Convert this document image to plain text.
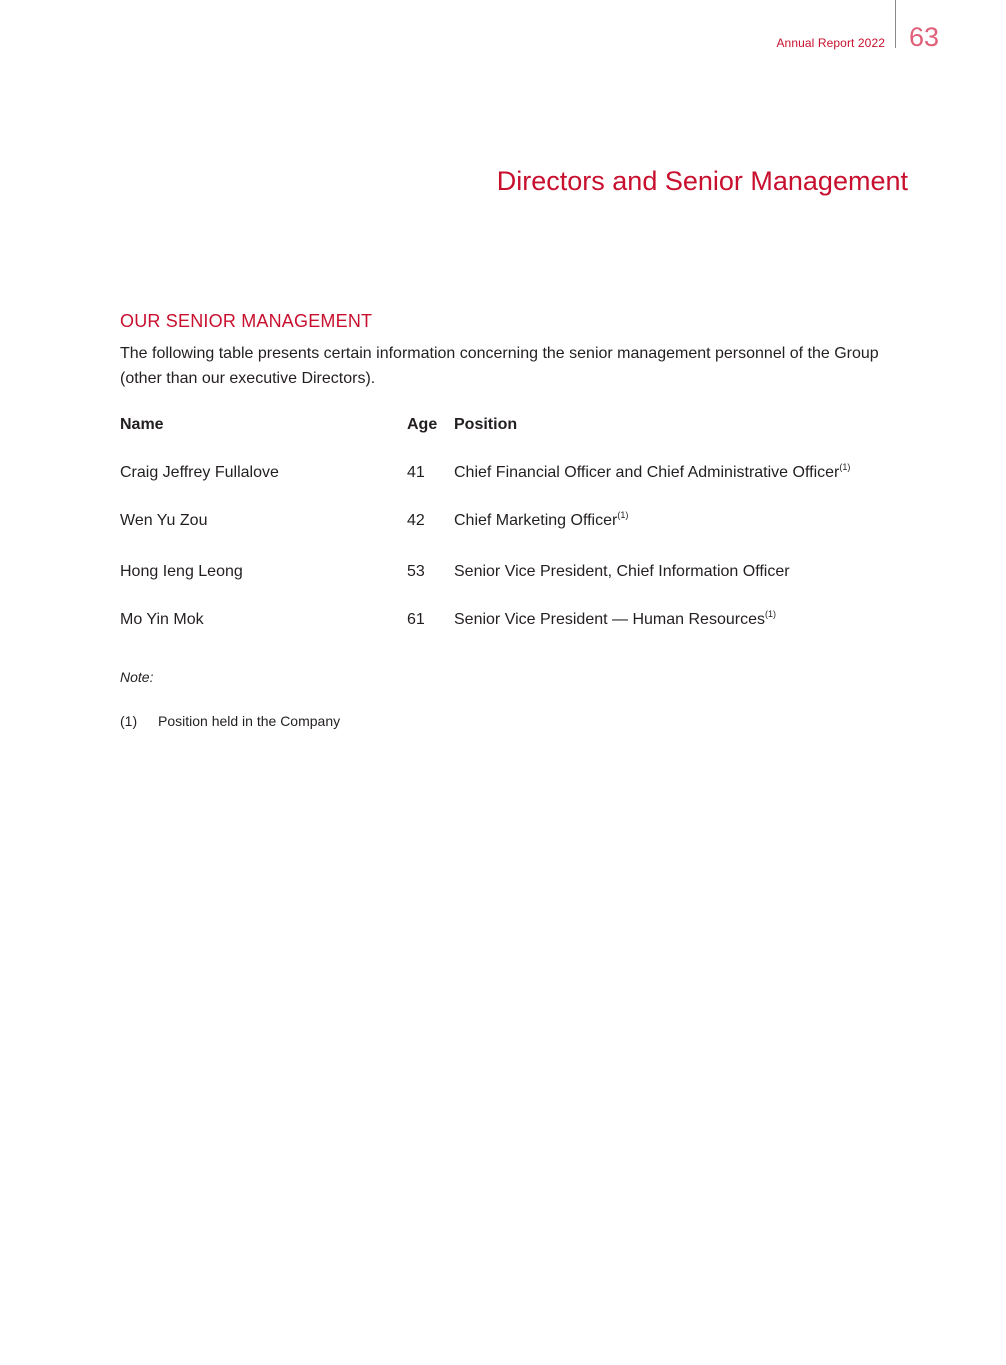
Annual Report 2022 63
Directors and Senior Management
OUR SENIOR MANAGEMENT

The following table presents certain information concerning the senior management personnel of the Group (other than our executive Directors).

Name	Age	Position
Craig Jeffrey Fullalove	41	Chief Financial Officer and Chief Administrative Officer$^{(1)}$
Wen Yu Zou	42	Chief Marketing Officer$^{(1)}$
Hong Ieng Leong	53	Senior Vice President, Chief Information Officer
Mo Yin Mok	61	Senior Vice President — Human Resources$^{(1)}$

Note:

(1)	Position held in the Company
